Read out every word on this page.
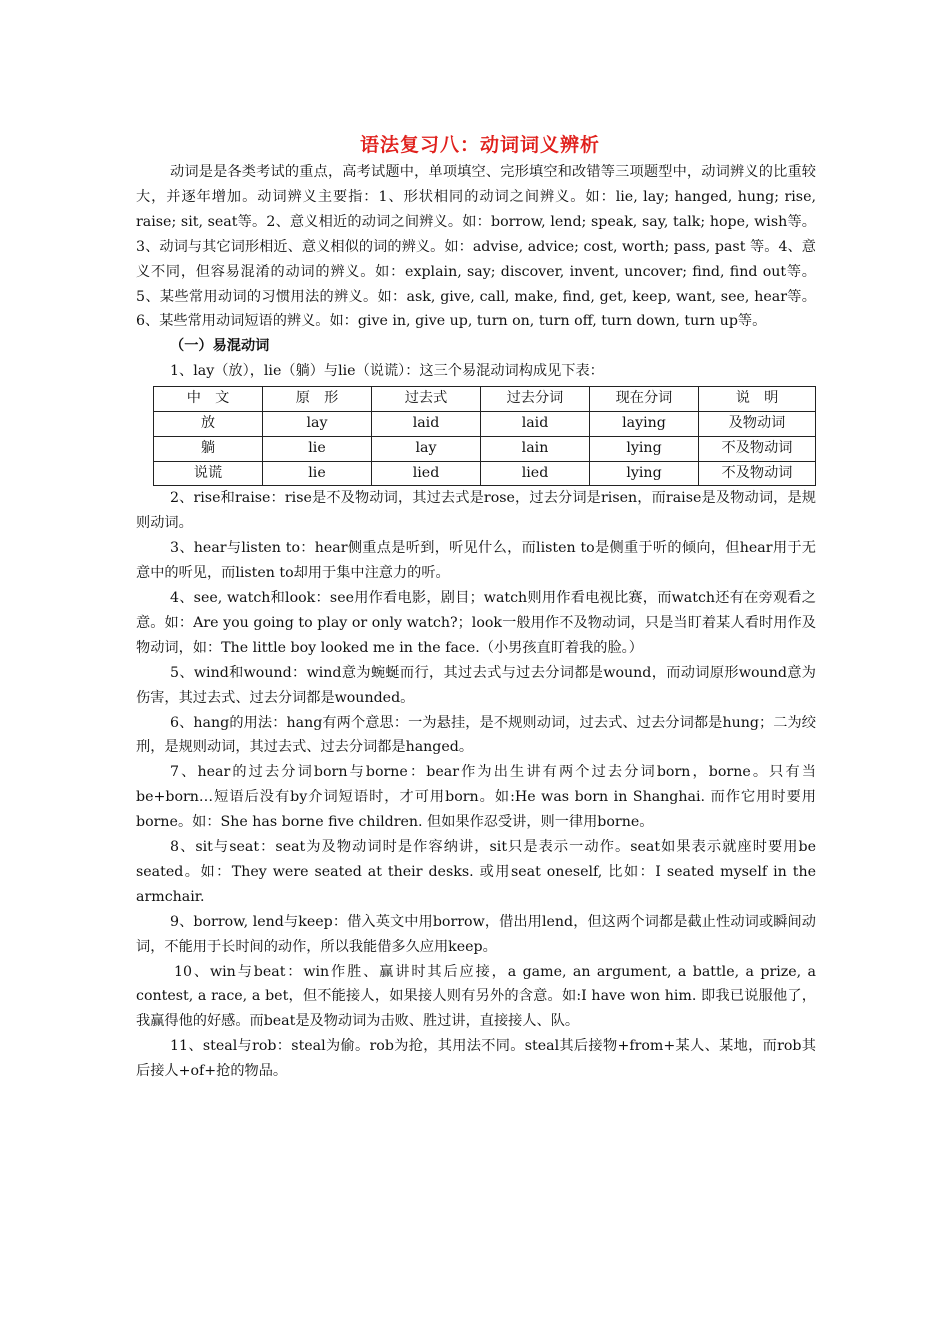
语法复习八：动词词义辨析

动词是是各类考试的重点，高考试题中，单项填空、完形填空和改错等三项题型中，动词辨义的比重较大，并逐年增加。动词辨义主要指：1、形状相同的动词之间辨义。如：lie, lay; hanged, hung; rise, raise; sit, seat等。2、意义相近的动词之间辨义。如：borrow, lend; speak, say, talk; hope, wish等。3、动词与其它词形相近、意义相似的词的辨义。如：advise, advice; cost, worth; pass, past 等。4、意义不同，但容易混淆的动词的辨义。如：explain, say; discover, invent, uncover; find, find out等。5、某些常用动词的习惯用法的辨义。如：ask, give, call, make, find, get, keep, want, see, hear等。6、某些常用动词短语的辨义。如：give in, give up, turn on, turn off, turn down, turn up等。

（一）易混动词

1、lay（放），lie（躺）与lie（说谎）：这三个易混动词构成见下表：

中　文	原　形	过去式	过去分词	现在分词	说　明
放	lay	laid	laid	laying	及物动词
躺	lie	lay	lain	lying	不及物动词
说谎	lie	lied	lied	lying	不及物动词

2、rise和raise：rise是不及物动词，其过去式是rose，过去分词是risen，而raise是及物动词，是规则动词。

3、hear与listen to：hear侧重点是听到，听见什么，而listen to是侧重于听的倾向，但hear用于无意中的听见，而listen to却用于集中注意力的听。

4、see, watch和look：see用作看电影，剧目；watch则用作看电视比赛，而watch还有在旁观看之意。如：Are you going to play or only watch?；look一般用作不及物动词，只是当盯着某人看时用作及物动词，如：The little boy looked me in the face.（小男孩直盯着我的脸。）

5、wind和wound：wind意为蜿蜒而行，其过去式与过去分词都是wound，而动词原形wound意为伤害，其过去式、过去分词都是wounded。

6、hang的用法：hang有两个意思：一为悬挂，是不规则动词，过去式、过去分词都是hung；二为绞刑，是规则动词，其过去式、过去分词都是hanged。

7、hear的过去分词born与borne：bear作为出生讲有两个过去分词born，borne。只有当be+born…短语后没有by介词短语时，才可用born。如:He was born in Shanghai. 而作它用时要用borne。如：She has borne five children. 但如果作忍受讲，则一律用borne。

8、sit与seat：seat为及物动词时是作容纳讲，sit只是表示一动作。seat如果表示就座时要用be seated。如：They were seated at their desks. 或用seat oneself, 比如：I seated myself in the armchair.

9、borrow, lend与keep：借入英文中用borrow，借出用lend，但这两个词都是截止性动词或瞬间动词，不能用于长时间的动作，所以我能借多久应用keep。

10、win与beat：win作胜、赢讲时其后应接，a game, an argument, a battle, a prize, a contest, a race, a bet，但不能接人，如果接人则有另外的含意。如:I have won him. 即我已说服他了，我赢得他的好感。而beat是及物动词为击败、胜过讲，直接接人、队。

11、steal与rob：steal为偷。rob为抢，其用法不同。steal其后接物+from+某人、某地，而rob其后接人+of+抢的物品。
